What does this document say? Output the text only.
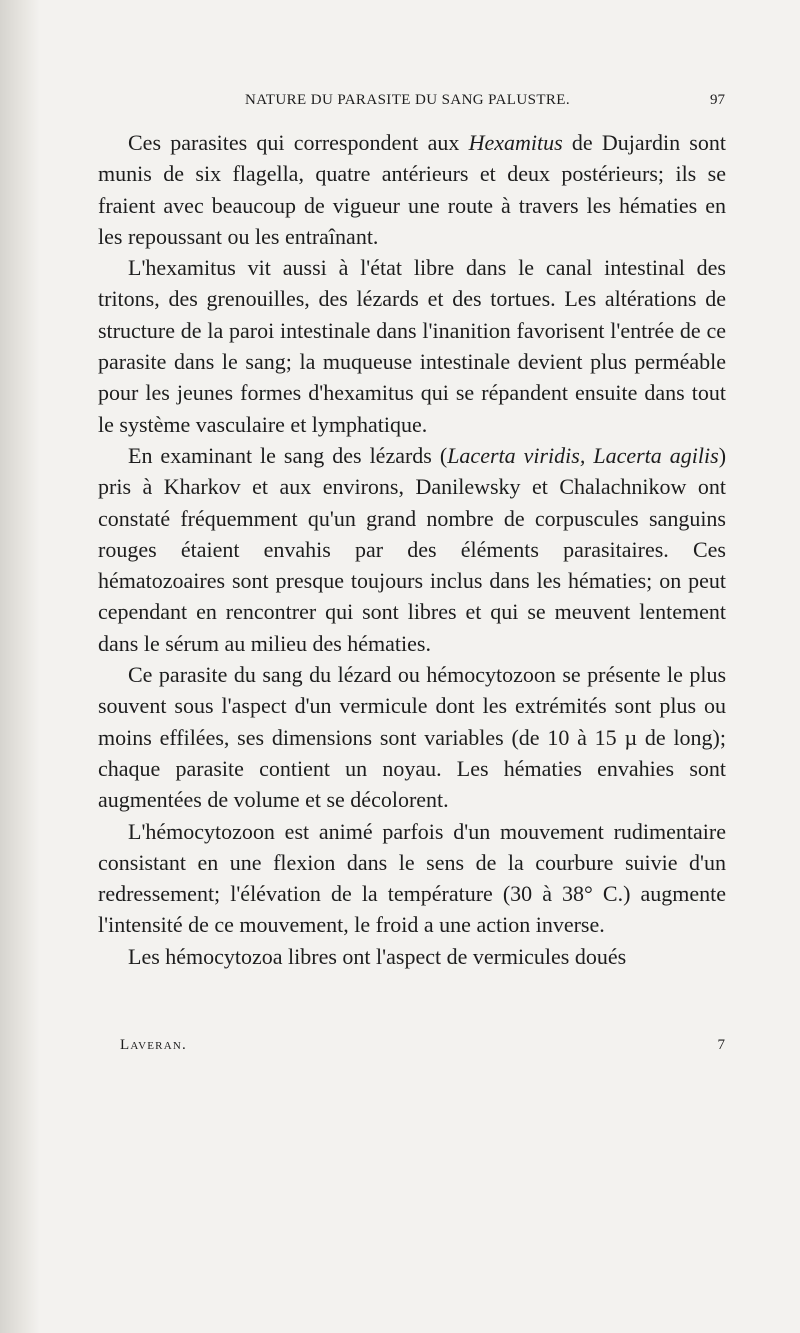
NATURE DU PARASITE DU SANG PALUSTRE.	97

Ces parasites qui correspondent aux Hexamitus de Dujardin sont munis de six flagella, quatre antérieurs et deux postérieurs; ils se fraient avec beaucoup de vigueur une route à travers les hématies en les repoussant ou les entraînant.

L'hexamitus vit aussi à l'état libre dans le canal intestinal des tritons, des grenouilles, des lézards et des tortues. Les altérations de structure de la paroi intestinale dans l'inanition favorisent l'entrée de ce parasite dans le sang; la muqueuse intestinale devient plus perméable pour les jeunes formes d'hexamitus qui se répandent ensuite dans tout le système vasculaire et lymphatique.

En examinant le sang des lézards (Lacerta viridis, Lacerta agilis) pris à Kharkov et aux environs, Danilewsky et Chalachnikow ont constaté fréquemment qu'un grand nombre de corpuscules sanguins rouges étaient envahis par des éléments parasitaires. Ces hématozoaires sont presque toujours inclus dans les hématies; on peut cependant en rencontrer qui sont libres et qui se meuvent lentement dans le sérum au milieu des hématies.

Ce parasite du sang du lézard ou hémocytozoon se présente le plus souvent sous l'aspect d'un vermicule dont les extrémités sont plus ou moins effilées, ses dimensions sont variables (de 10 à 15 µ de long); chaque parasite contient un noyau. Les hématies envahies sont augmentées de volume et se décolorent.

L'hémocytozoon est animé parfois d'un mouvement rudimentaire consistant en une flexion dans le sens de la courbure suivie d'un redressement; l'élévation de la température (30 à 38° C.) augmente l'intensité de ce mouvement, le froid a une action inverse.

Les hémocytozoa libres ont l'aspect de vermicules doués

Laveran.	7
